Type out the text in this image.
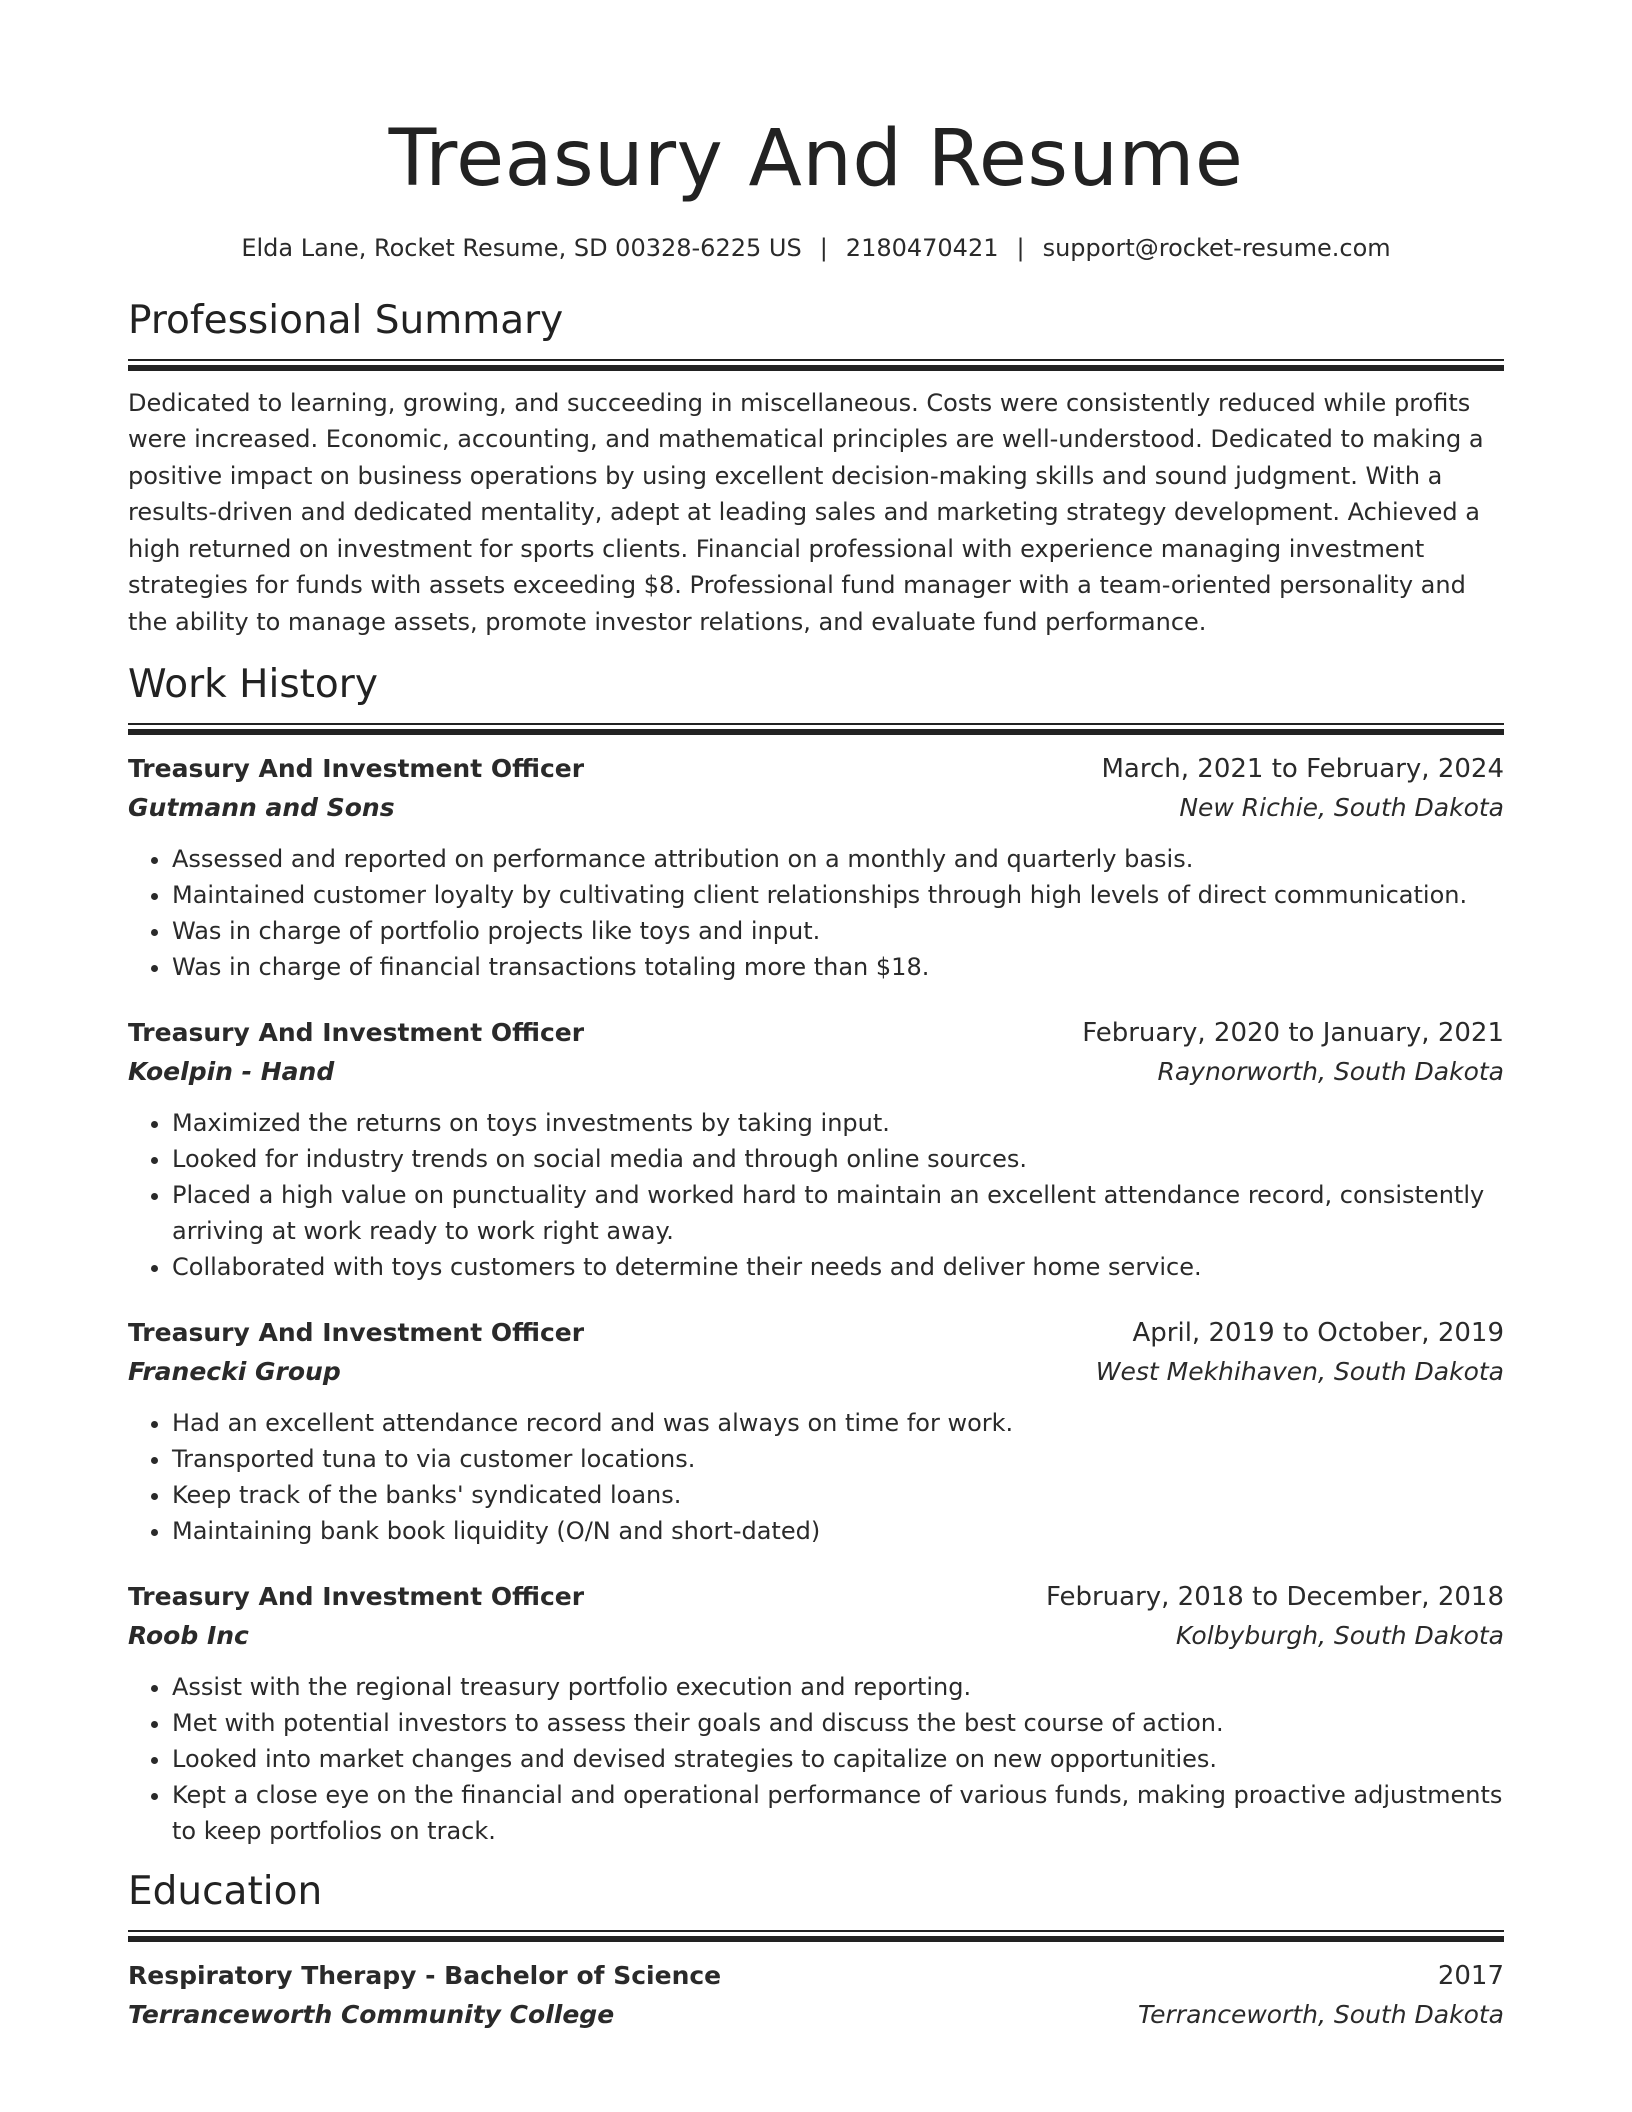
Treasury And Resume
Elda Lane, Rocket Resume, SD 00328-6225 US | 2180470421 | support@rocket-resume.com
Professional Summary
Dedicated to learning, growing, and succeeding in miscellaneous. Costs were consistently reduced while profits were increased. Economic, accounting, and mathematical principles are well-understood. Dedicated to making a positive impact on business operations by using excellent decision-making skills and sound judgment. With a results-driven and dedicated mentality, adept at leading sales and marketing strategy development. Achieved a high returned on investment for sports clients. Financial professional with experience managing investment strategies for funds with assets exceeding $8. Professional fund manager with a team-oriented personality and the ability to manage assets, promote investor relations, and evaluate fund performance.
Work History
Treasury And Investment Officer	March, 2021 to February, 2024
Gutmann and Sons	New Richie, South Dakota
• Assessed and reported on performance attribution on a monthly and quarterly basis.
• Maintained customer loyalty by cultivating client relationships through high levels of direct communication.
• Was in charge of portfolio projects like toys and input.
• Was in charge of financial transactions totaling more than $18.
Treasury And Investment Officer	February, 2020 to January, 2021
Koelpin - Hand	Raynorworth, South Dakota
• Maximized the returns on toys investments by taking input.
• Looked for industry trends on social media and through online sources.
• Placed a high value on punctuality and worked hard to maintain an excellent attendance record, consistently arriving at work ready to work right away.
• Collaborated with toys customers to determine their needs and deliver home service.
Treasury And Investment Officer	April, 2019 to October, 2019
Franecki Group	West Mekhihaven, South Dakota
• Had an excellent attendance record and was always on time for work.
• Transported tuna to via customer locations.
• Keep track of the banks' syndicated loans.
• Maintaining bank book liquidity (O/N and short-dated)
Treasury And Investment Officer	February, 2018 to December, 2018
Roob Inc	Kolbyburgh, South Dakota
• Assist with the regional treasury portfolio execution and reporting.
• Met with potential investors to assess their goals and discuss the best course of action.
• Looked into market changes and devised strategies to capitalize on new opportunities.
• Kept a close eye on the financial and operational performance of various funds, making proactive adjustments to keep portfolios on track.
Education
Respiratory Therapy - Bachelor of Science	2017
Terranceworth Community College	Terranceworth, South Dakota
